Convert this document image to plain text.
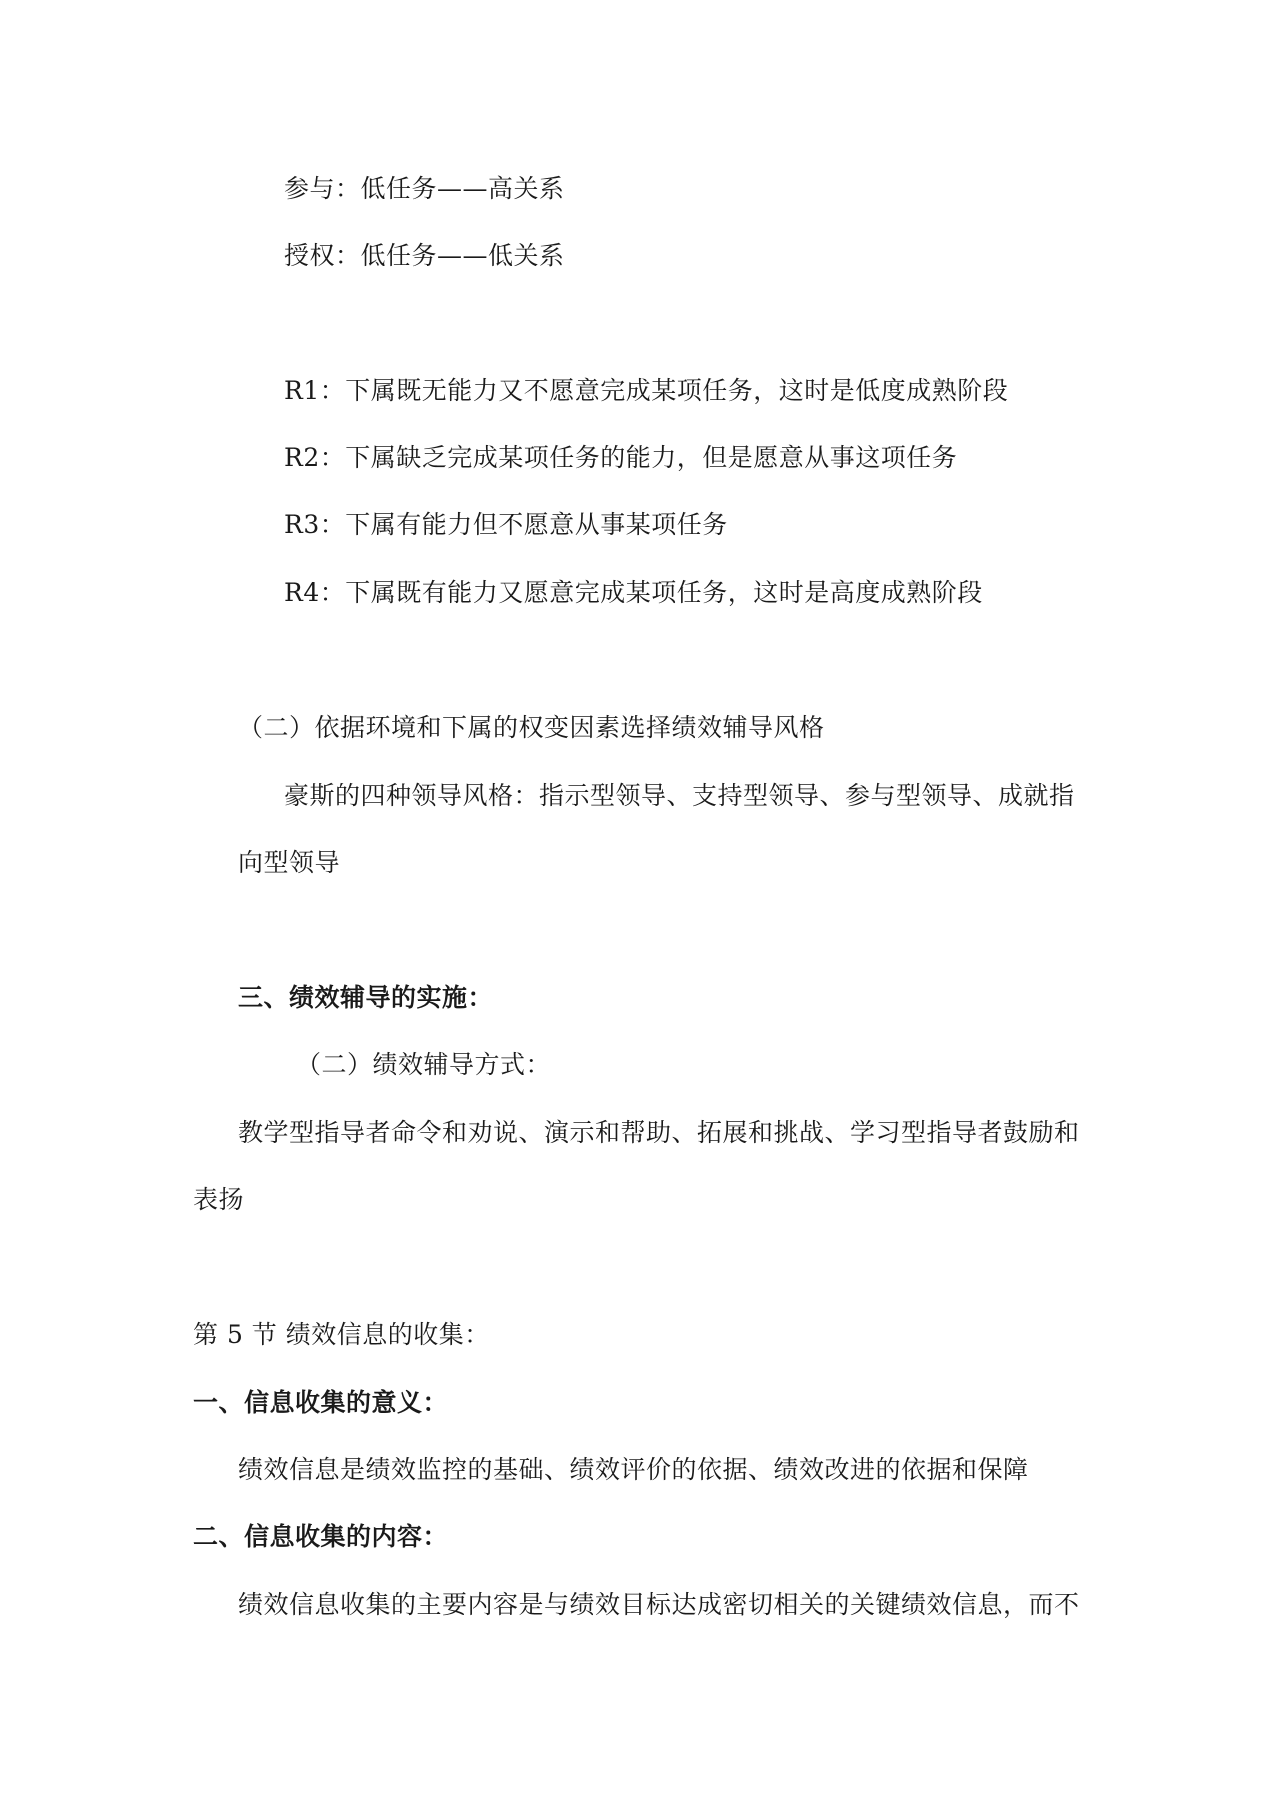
参与：低任务——高关系
授权：低任务——低关系
R1：下属既无能力又不愿意完成某项任务，这时是低度成熟阶段
R2：下属缺乏完成某项任务的能力，但是愿意从事这项任务
R3：下属有能力但不愿意从事某项任务
R4：下属既有能力又愿意完成某项任务，这时是高度成熟阶段
（二）依据环境和下属的权变因素选择绩效辅导风格
豪斯的四种领导风格：指示型领导、支持型领导、参与型领导、成就指
向型领导
三、绩效辅导的实施：
（二）绩效辅导方式：
教学型指导者命令和劝说、演示和帮助、拓展和挑战、学习型指导者鼓励和
表扬
第 5 节 绩效信息的收集：
一、信息收集的意义：
绩效信息是绩效监控的基础、绩效评价的依据、绩效改进的依据和保障
二、信息收集的内容：
绩效信息收集的主要内容是与绩效目标达成密切相关的关键绩效信息，而不
